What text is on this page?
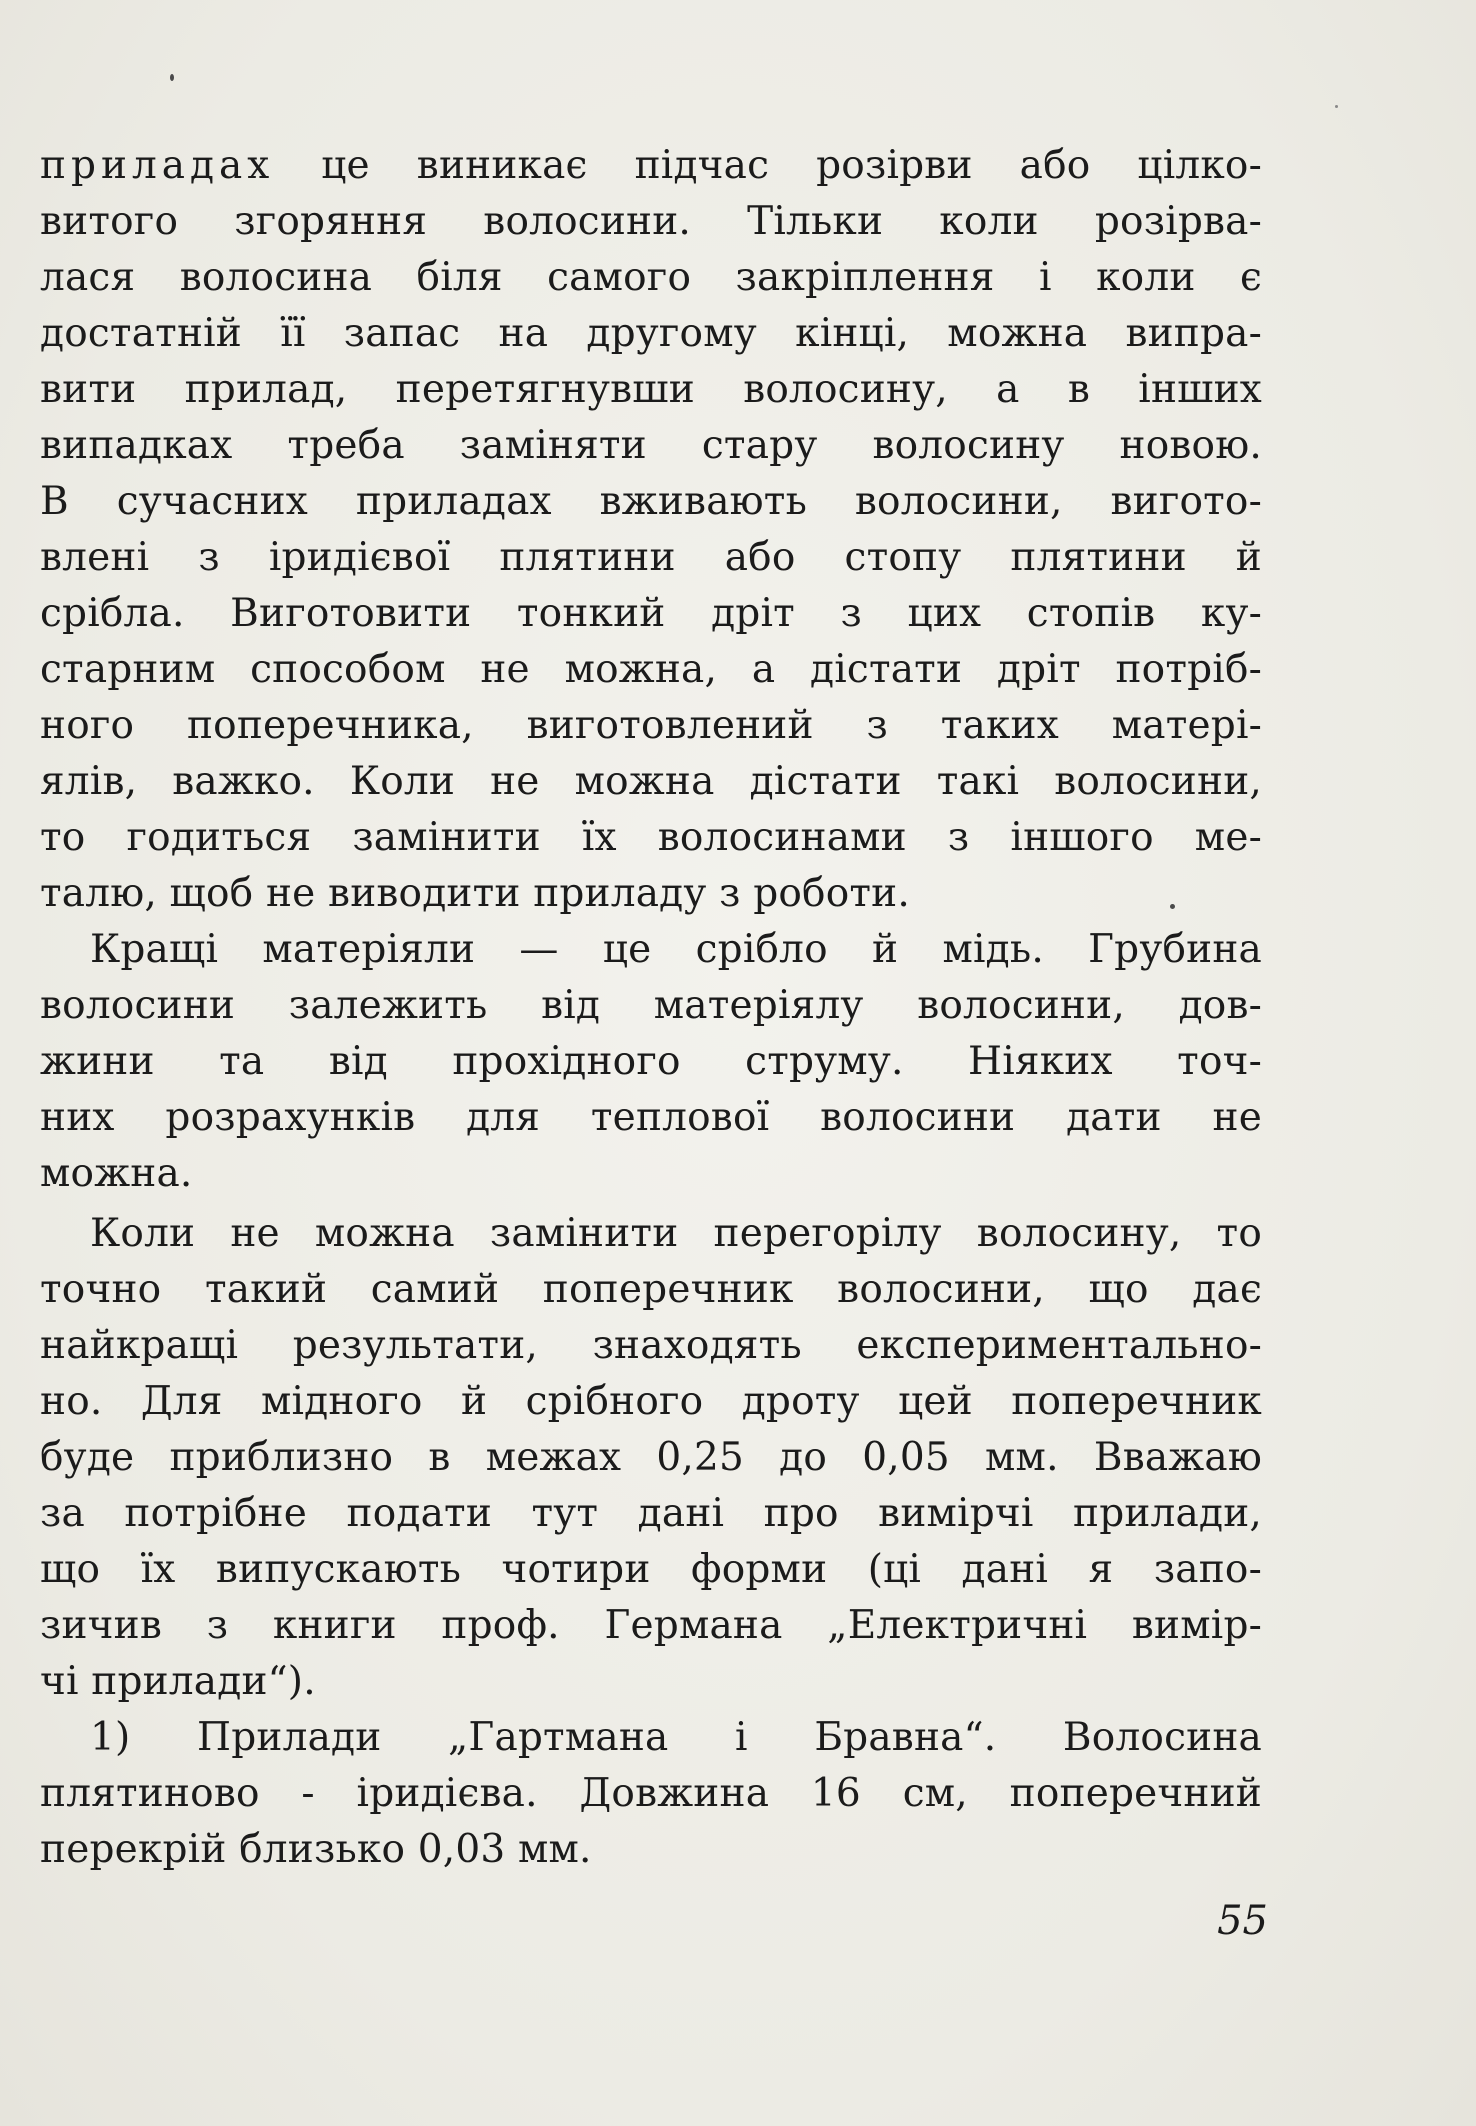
приладах це виникає підчас розірви або цілко-
витого згоряння волосини. Тільки коли розірва-
лася волосина біля самого закріплення і коли є
достатній її запас на другому кінці, можна випра-
вити прилад, перетягнувши волосину, а в інших
випадках треба заміняти стару волосину новою.
В сучасних приладах вживають волосини, вигото-
влені з іридієвої плятини або стопу плятини й
срібла. Виготовити тонкий дріт з цих стопів ку-
старним способом не можна, а дістати дріт потріб-
ного поперечника, виготовлений з таких матері-
ялів, важко. Коли не можна дістати такі волосини,
то годиться замінити їх волосинами з іншого ме-
талю, щоб не виводити приладу з роботи.
Кращі матеріяли — це срібло й мідь. Грубина
волосини залежить від матеріялу волосини, дов-
жини та від прохідного струму. Ніяких точ-
них розрахунків для теплової волосини дати не
можна.
Коли не можна замінити перегорілу волосину, то
точно такий самий поперечник волосини, що дає
найкращі результати, знаходять експериментально-
но. Для мідного й срібного дроту цей поперечник
буде приблизно в межах 0,25 до 0,05 мм. Вважаю
за потрібне подати тут дані про вимірчі прилади,
що їх випускають чотири форми (ці дані я запо-
зичив з книги проф. Германа „Електричні вимір-
чі прилади“).
1) Прилади „Гартмана і Бравна“. Волосина
плятиново - іридієва. Довжина 16 см, поперечний
перекрій близько 0,03 мм.
55
